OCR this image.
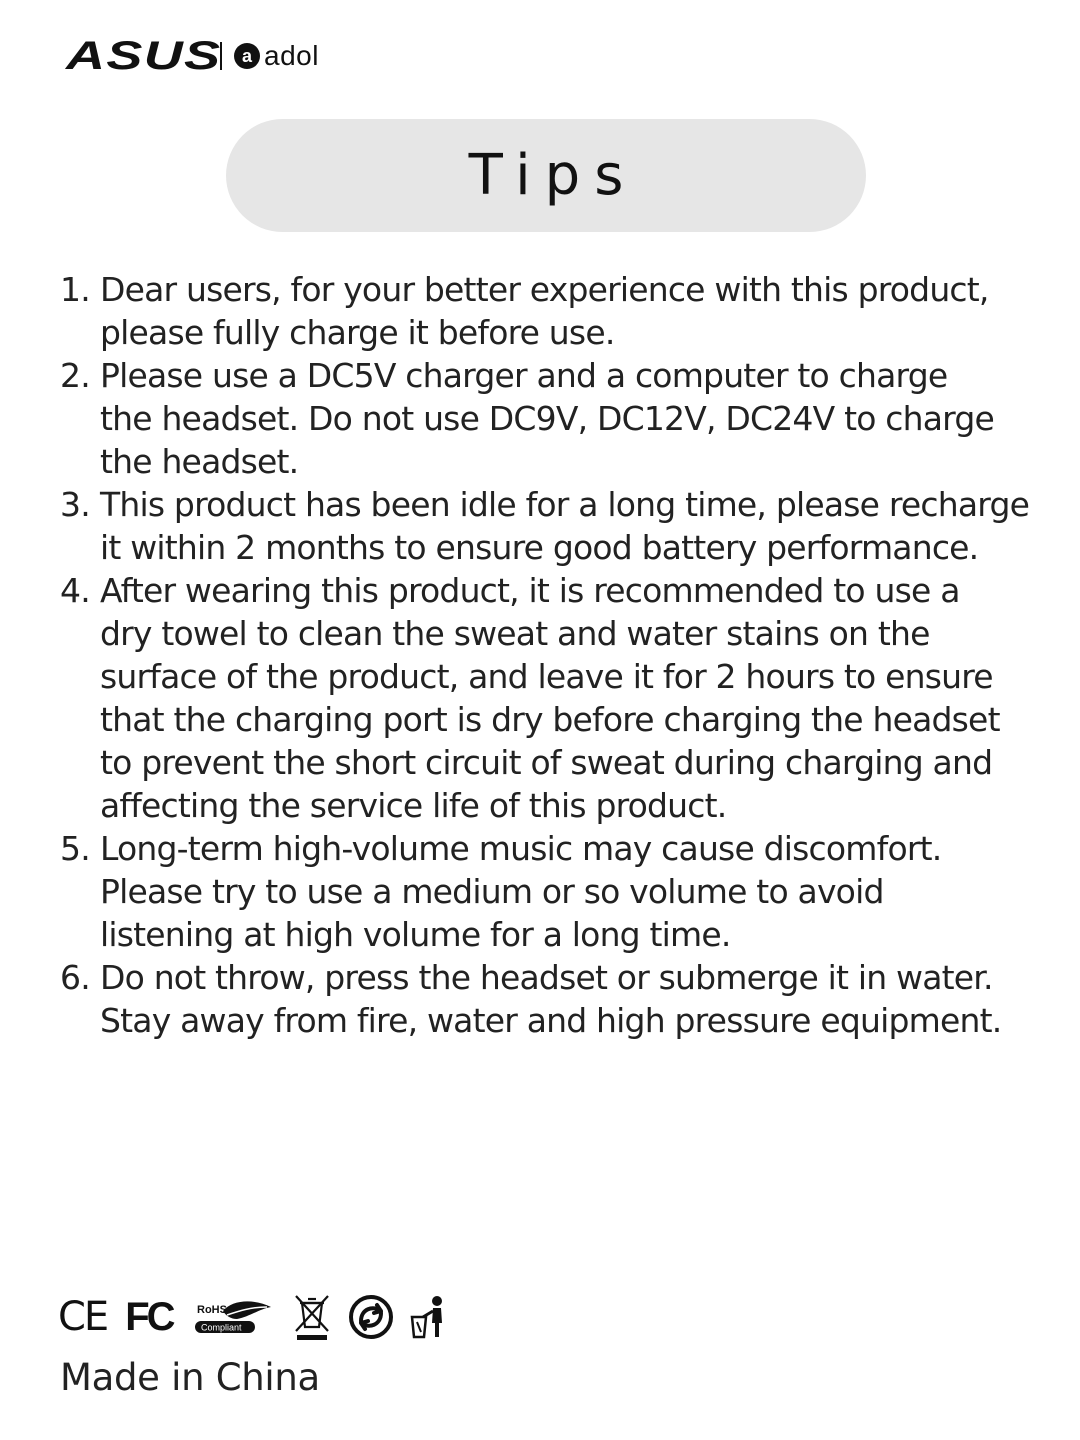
ASUS	a adol
Tips
1. Dear users, for your better experience with this product,
please fully charge it before use.
2. Please use a DC5V charger and a computer to charge
the headset. Do not use DC9V, DC12V, DC24V to charge
the headset.
3. This product has been idle for a long time, please recharge
it within 2 months to ensure good battery performance.
4. After wearing this product, it is recommended to use a
dry towel to clean the sweat and water stains on the
surface of the product, and leave it for 2 hours to ensure
that the charging port is dry before charging the headset
to prevent the short circuit of sweat during charging and
affecting the service life of this product.
5. Long-term high-volume music may cause discomfort.
Please try to use a medium or so volume to avoid
listening at high volume for a long time.
6. Do not throw, press the headset or submerge it in water.
Stay away from fire, water and high pressure equipment.
CE FC RoHS
Compliant
Made in China
